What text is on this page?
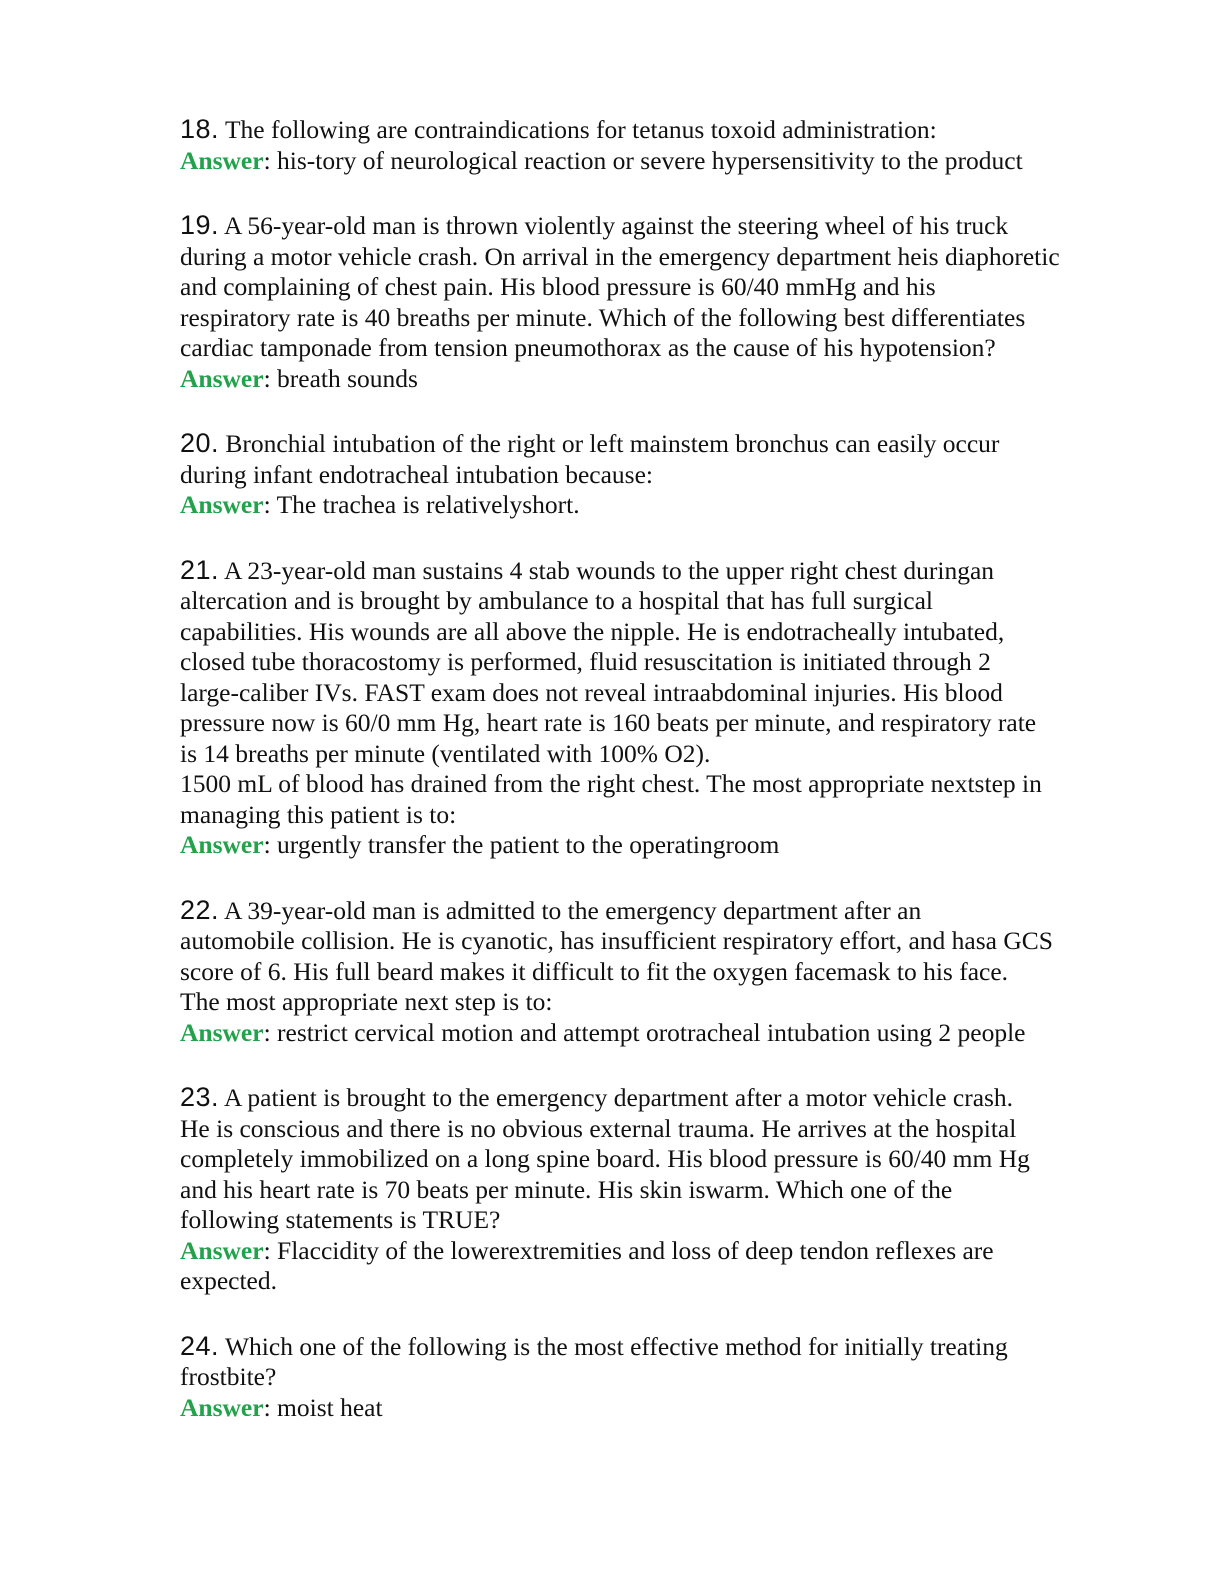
18. The following are contraindications for tetanus toxoid administration:

Answer: his-tory of neurological reaction or severe hypersensitivity to the product

19. A 56-year-old man is thrown violently against the steering wheel of his truck

during a motor vehicle crash. On arrival in the emergency department heis diaphoretic

and complaining of chest pain. His blood pressure is 60/40 mmHg and his

respiratory rate is 40 breaths per minute. Which of the following best differentiates

cardiac tamponade from tension pneumothorax as the cause of his hypotension?

Answer: breath sounds

20. Bronchial intubation of the right or left mainstem bronchus can easily occur

during infant endotracheal intubation because:

Answer: The trachea is relativelyshort.

21. A 23-year-old man sustains 4 stab wounds to the upper right chest duringan

altercation and is brought by ambulance to a hospital that has full surgical

capabilities. His wounds are all above the nipple. He is endotracheally intubated,

closed tube thoracostomy is performed, fluid resuscitation is initiated through 2

large-caliber IVs. FAST exam does not reveal intraabdominal injuries. His blood

pressure now is 60/0 mm Hg, heart rate is 160 beats per minute, and respiratory rate

is 14 breaths per minute (ventilated with 100% O2).

1500 mL of blood has drained from the right chest. The most appropriate nextstep in

managing this patient is to:

Answer: urgently transfer the patient to the operatingroom

22. A 39-year-old man is admitted to the emergency department after an

automobile collision. He is cyanotic, has insufficient respiratory effort, and hasa GCS

score of 6. His full beard makes it difficult to fit the oxygen facemask to his face.

The most appropriate next step is to:

Answer: restrict cervical motion and attempt orotracheal intubation using 2 people

23. A patient is brought to the emergency department after a motor vehicle crash.

He is conscious and there is no obvious external trauma. He arrives at the hospital

completely immobilized on a long spine board. His blood pressure is 60/40 mm Hg

and his heart rate is 70 beats per minute. His skin iswarm. Which one of the

following statements is TRUE?

Answer: Flaccidity of the lowerextremities and loss of deep tendon reflexes are

expected.

24. Which one of the following is the most effective method for initially treating

frostbite?

Answer: moist heat
